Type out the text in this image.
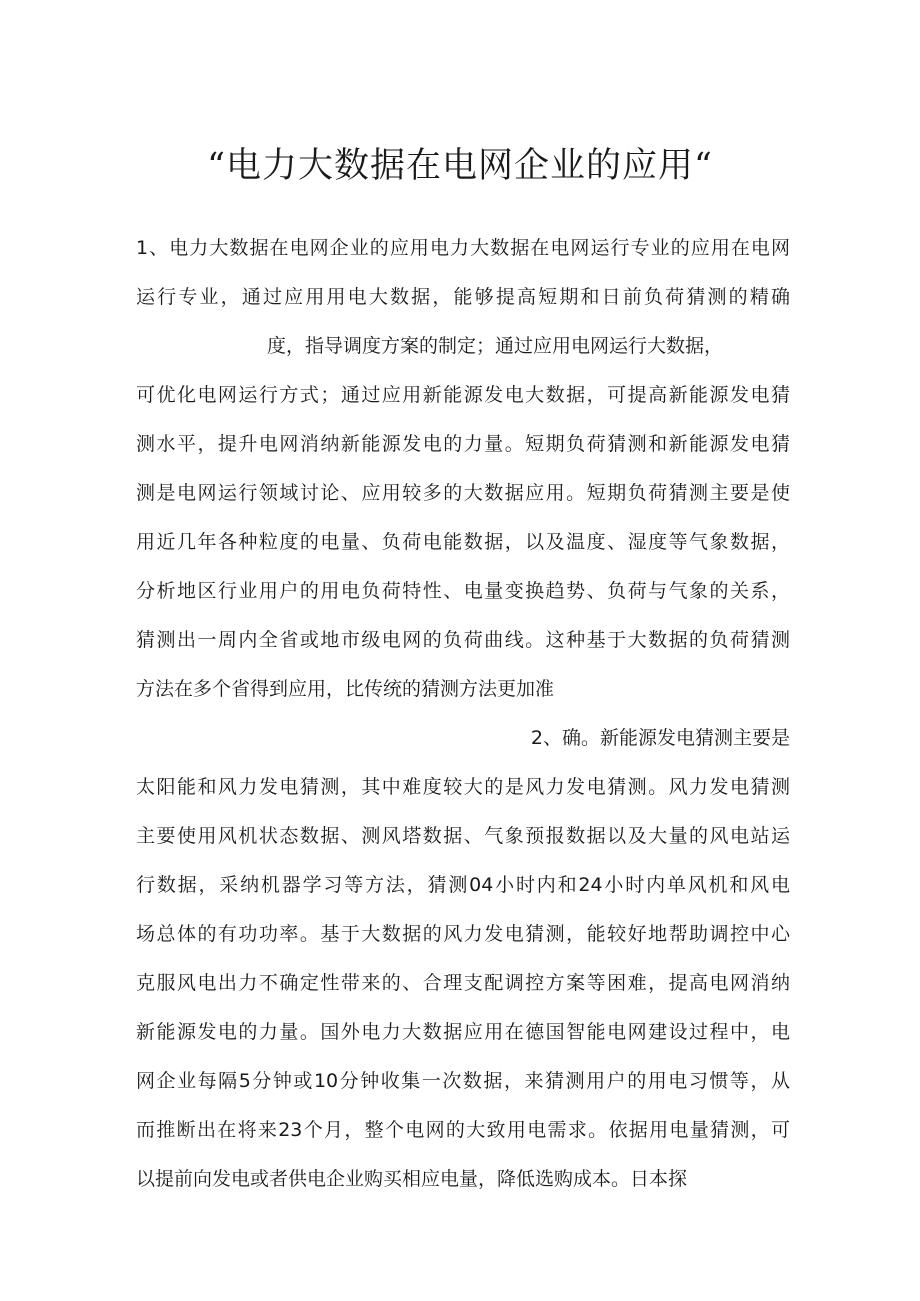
“电力大数据在电网企业的应用“
1、电力大数据在电网企业的应用电力大数据在电网运行专业的应用在电网
运行专业，通过应用用电大数据，能够提高短期和日前负荷猜测的精确
度，指导调度方案的制定；通过应用电网运行大数据，
可优化电网运行方式；通过应用新能源发电大数据，可提高新能源发电猜
测水平，提升电网消纳新能源发电的力量。短期负荷猜测和新能源发电猜
测是电网运行领域讨论、应用较多的大数据应用。短期负荷猜测主要是使
用近几年各种粒度的电量、负荷电能数据，以及温度、湿度等气象数据，
分析地区行业用户的用电负荷特性、电量变换趋势、负荷与气象的关系，
猜测出一周内全省或地市级电网的负荷曲线。这种基于大数据的负荷猜测
方法在多个省得到应用，比传统的猜测方法更加准
2、确。新能源发电猜测主要是
太阳能和风力发电猜测，其中难度较大的是风力发电猜测。风力发电猜测
主要使用风机状态数据、测风塔数据、气象预报数据以及大量的风电站运
行数据，采纳机器学习等方法，猜测04小时内和24小时内单风机和风电
场总体的有功功率。基于大数据的风力发电猜测，能较好地帮助调控中心
克服风电出力不确定性带来的、合理支配调控方案等困难，提高电网消纳
新能源发电的力量。国外电力大数据应用在德国智能电网建设过程中，电
网企业每隔5分钟或10分钟收集一次数据，来猜测用户的用电习惯等，从
而推断出在将来23个月，整个电网的大致用电需求。依据用电量猜测，可
以提前向发电或者供电企业购买相应电量，降低选购成本。日本探
